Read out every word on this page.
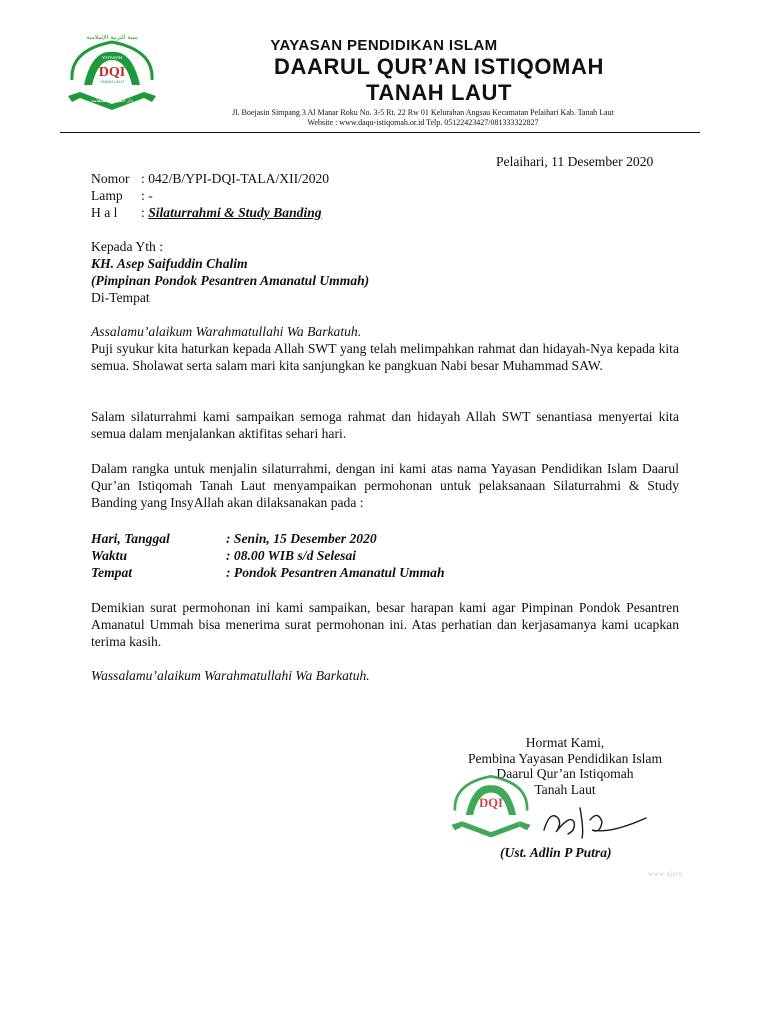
DQI
YAYASAN
TANAH LAUT
دار القرآن الاستقامة
بسة التربية الإسلامية	YAYASAN PENDIDIKAN ISLAM
DAARUL QUR’AN ISTIQOMAH
TANAH LAUT
Jl. Boejasin Simpang 3 Al Manar Roku No. 3-5 Rt. 22 Rw 01 Kelurahan Angsau Kecamatan Pelaihari Kab. Tanah Laut
Website : www.daqu-istiqomah.or.id Telp. 05122423427/081333322827
Pelaihari, 11 Desember 2020
Nomor : 042/B/YPI-DQI-TALA/XII/2020
Lamp : -
H a l : Silaturrahmi & Study Banding
Kepada Yth :
KH. Asep Saifuddin Chalim
(Pimpinan Pondok Pesantren Amanatul Ummah)
Di-Tempat
Assalamu’alaikum Warahmatullahi Wa Barkatuh.
Puji syukur kita haturkan kepada Allah SWT yang telah melimpahkan rahmat dan hidayah-Nya kepada kita semua. Sholawat serta salam mari kita sanjungkan ke pangkuan Nabi besar Muhammad SAW.
Salam silaturrahmi kami sampaikan semoga rahmat dan hidayah Allah SWT senantiasa menyertai kita semua dalam menjalankan aktifitas sehari hari.
Dalam rangka untuk menjalin silaturrahmi, dengan ini kami atas nama Yayasan Pendidikan Islam Daarul Qur’an Istiqomah Tanah Laut menyampaikan permohonan untuk pelaksanaan Silaturrahmi & Study Banding yang InsyAllah akan dilaksanakan pada :
Hari, Tanggal	: Senin, 15 Desember 2020
Waktu	: 08.00 WIB s/d Selesai
Tempat	: Pondok Pesantren Amanatul Ummah
Demikian surat permohonan ini kami sampaikan, besar harapan kami agar Pimpinan Pondok Pesantren Amanatul Ummah bisa menerima surat permohonan ini. Atas perhatian dan kerjasamanya kami ucapkan terima kasih.
Wassalamu’alaikum Warahmatullahi Wa Barkatuh.
Hormat Kami,
Pembina Yayasan Pendidikan Islam
Daarul Qur’an Istiqomah
Tanah Laut
DQI
(Ust. Adlin P Putra)
www.ajaru
